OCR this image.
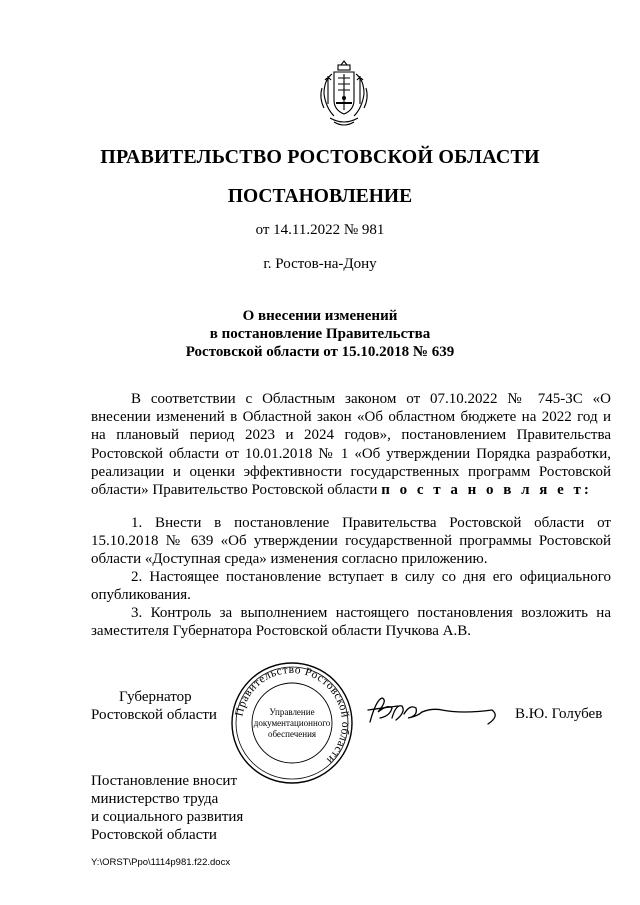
ПРАВИТЕЛЬСТВО РОСТОВСКОЙ ОБЛАСТИ
ПОСТАНОВЛЕНИЕ
от 14.11.2022 № 981
г. Ростов-на-Дону
О внесении изменений
в постановление Правительства
Ростовской области от 15.10.2018 № 639
В соответствии с Областным законом от 07.10.2022 № 745-ЗС «О внесении изменений в Областной закон «Об областном бюджете на 2022 год и на плановый период 2023 и 2024 годов», постановлением Правительства Ростовской области от 10.01.2018 № 1 «Об утверждении Порядка разработки, реализации и оценки эффективности государственных программ Ростовской области» Правительство Ростовской области п о с т а н о в л я е т:
1. Внести в постановление Правительства Ростовской области от 15.10.2018 № 639 «Об утверждении государственной программы Ростовской области «Доступная среда» изменения согласно приложению.
2. Настоящее постановление вступает в силу со дня его официального опубликования.
3. Контроль за выполнением настоящего постановления возложить на заместителя Губернатора Ростовской области Пучкова А.В.
Губернатор
Ростовской области	Правительство Ростовской области
Управление
документационного
обеспечения
В.Ю. Голубев
Постановление вносит
министерство труда
и социального развития
Ростовской области
Y:\ORST\Ppo\1114p981.f22.docx
